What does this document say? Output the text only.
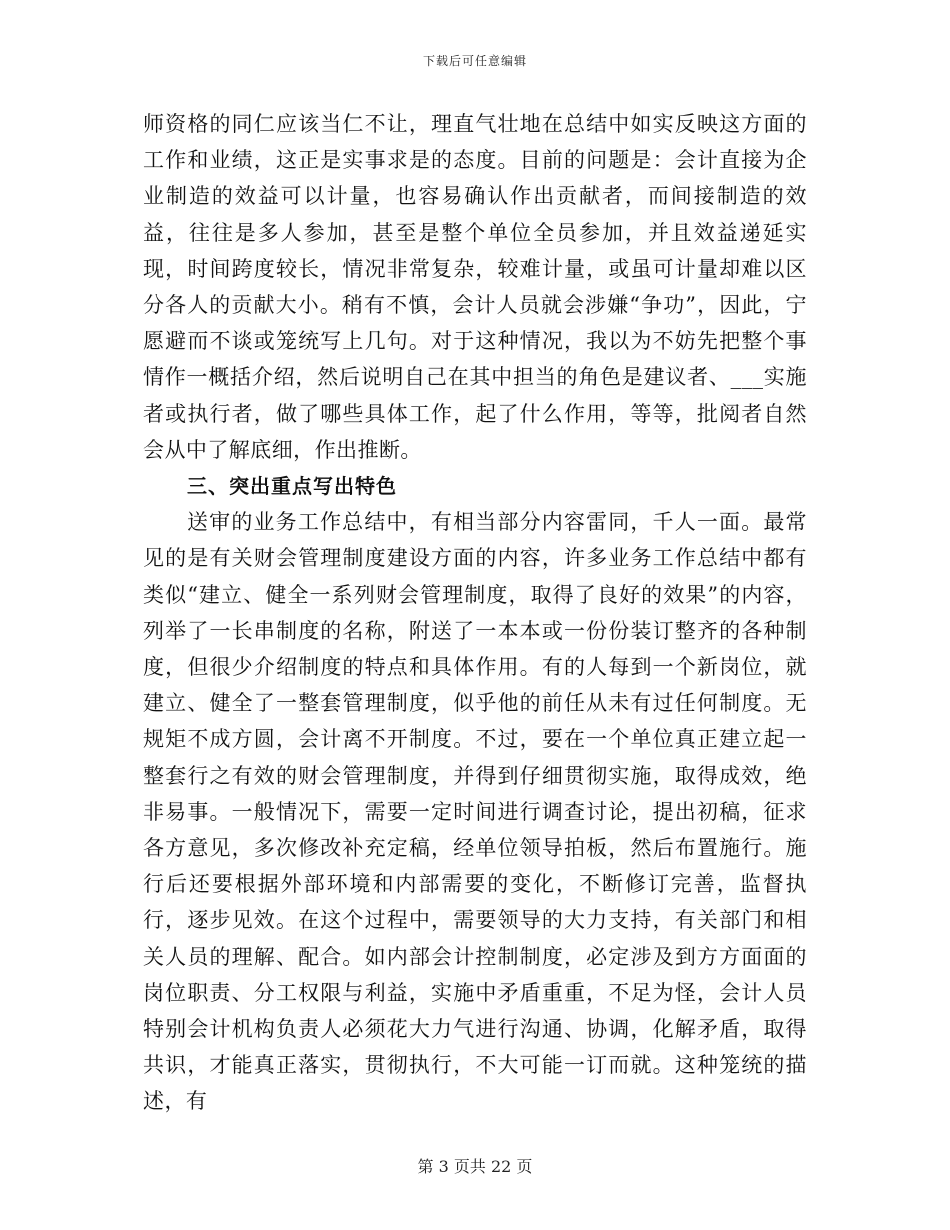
下载后可任意编辑

师资格的同仁应该当仁不让，理直气壮地在总结中如实反映这方面的工作和业绩，这正是实事求是的态度。目前的问题是：会计直接为企业制造的效益可以计量，也容易确认作出贡献者，而间接制造的效益，往往是多人参加，甚至是整个单位全员参加，并且效益递延实现，时间跨度较长，情况非常复杂，较难计量，或虽可计量却难以区分各人的贡献大小。稍有不慎，会计人员就会涉嫌“争功”，因此，宁愿避而不谈或笼统写上几句。对于这种情况，我以为不妨先把整个事情作一概括介绍，然后说明自己在其中担当的角色是建议者、___实施者或执行者，做了哪些具体工作，起了什么作用，等等，批阅者自然会从中了解底细，作出推断。

三、突出重点写出特色

送审的业务工作总结中，有相当部分内容雷同，千人一面。最常见的是有关财会管理制度建设方面的内容，许多业务工作总结中都有类似“建立、健全一系列财会管理制度，取得了良好的效果”的内容，列举了一长串制度的名称，附送了一本本或一份份装订整齐的各种制度，但很少介绍制度的特点和具体作用。有的人每到一个新岗位，就建立、健全了一整套管理制度，似乎他的前任从未有过任何制度。无规矩不成方圆，会计离不开制度。不过，要在一个单位真正建立起一整套行之有效的财会管理制度，并得到仔细贯彻实施，取得成效，绝非易事。一般情况下，需要一定时间进行调查讨论，提出初稿，征求各方意见，多次修改补充定稿，经单位领导拍板，然后布置施行。施行后还要根据外部环境和内部需要的变化，不断修订完善，监督执行，逐步见效。在这个过程中，需要领导的大力支持，有关部门和相关人员的理解、配合。如内部会计控制制度，必定涉及到方方面面的岗位职责、分工权限与利益，实施中矛盾重重，不足为怪，会计人员特别会计机构负责人必须花大力气进行沟通、协调，化解矛盾，取得共识，才能真正落实，贯彻执行，不大可能一订而就。这种笼统的描述，有

第 3 页共 22 页
